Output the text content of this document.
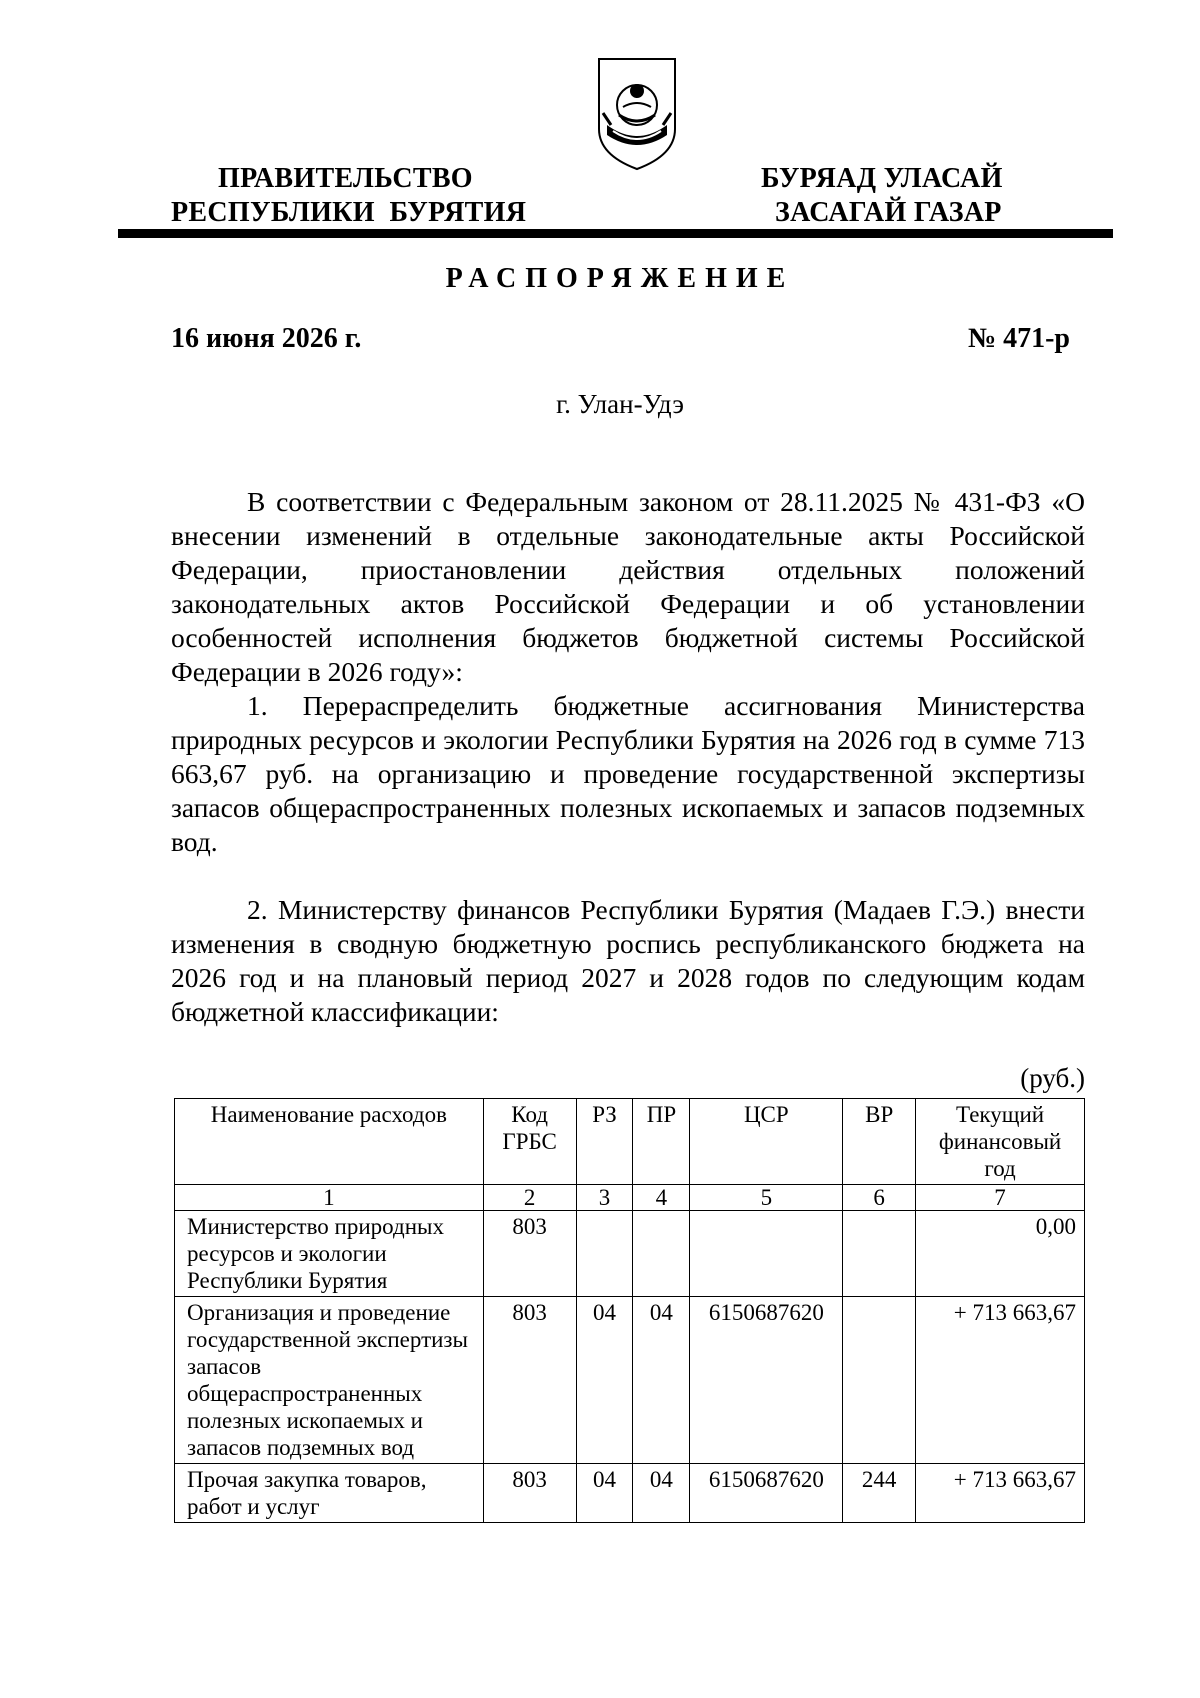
ПРАВИТЕЛЬСТВО
РЕСПУБЛИКИ  БУРЯТИЯ
БУРЯАД УЛАСАЙ
ЗАСАГАЙ ГАЗАР
РАСПОРЯЖЕНИЕ
16 июня 2026 г.	№ 471-р
г. Улан-Удэ

В соответствии с Федеральным законом от 28.11.2025 № 431-ФЗ «О внесении изменений в отдельные законодательные акты Российской Федерации, приостановлении действия отдельных положений законодательных актов Российской Федерации и об установлении особенностей исполнения бюджетов бюджетной системы Российской Федерации в 2026 году»:

1. Перераспределить бюджетные ассигнования Министерства природных ресурсов и экологии Республики Бурятия на 2026 год в сумме 713 663,67 руб. на организацию и проведение государственной экспертизы запасов общераспространенных полезных ископаемых и запасов подземных вод.

2. Министерству финансов Республики Бурятия (Мадаев Г.Э.) внести изменения в сводную бюджетную роспись республиканского бюджета на 2026 год и на плановый период 2027 и 2028 годов по следующим кодам бюджетной классификации:

(руб.)
Наименование расходов	Код ГРБС	РЗ	ПР	ЦСР	ВР	Текущий финансовый год
1	2	3	4	5	6	7
Министерство природных ресурсов и экологии Республики Бурятия	803					0,00
Организация и проведение государственной экспертизы запасов общераспространенных полезных ископаемых и запасов подземных вод	803	04	04	6150687620		+ 713 663,67
Прочая закупка товаров, работ и услуг	803	04	04	6150687620	244	+ 713 663,67
